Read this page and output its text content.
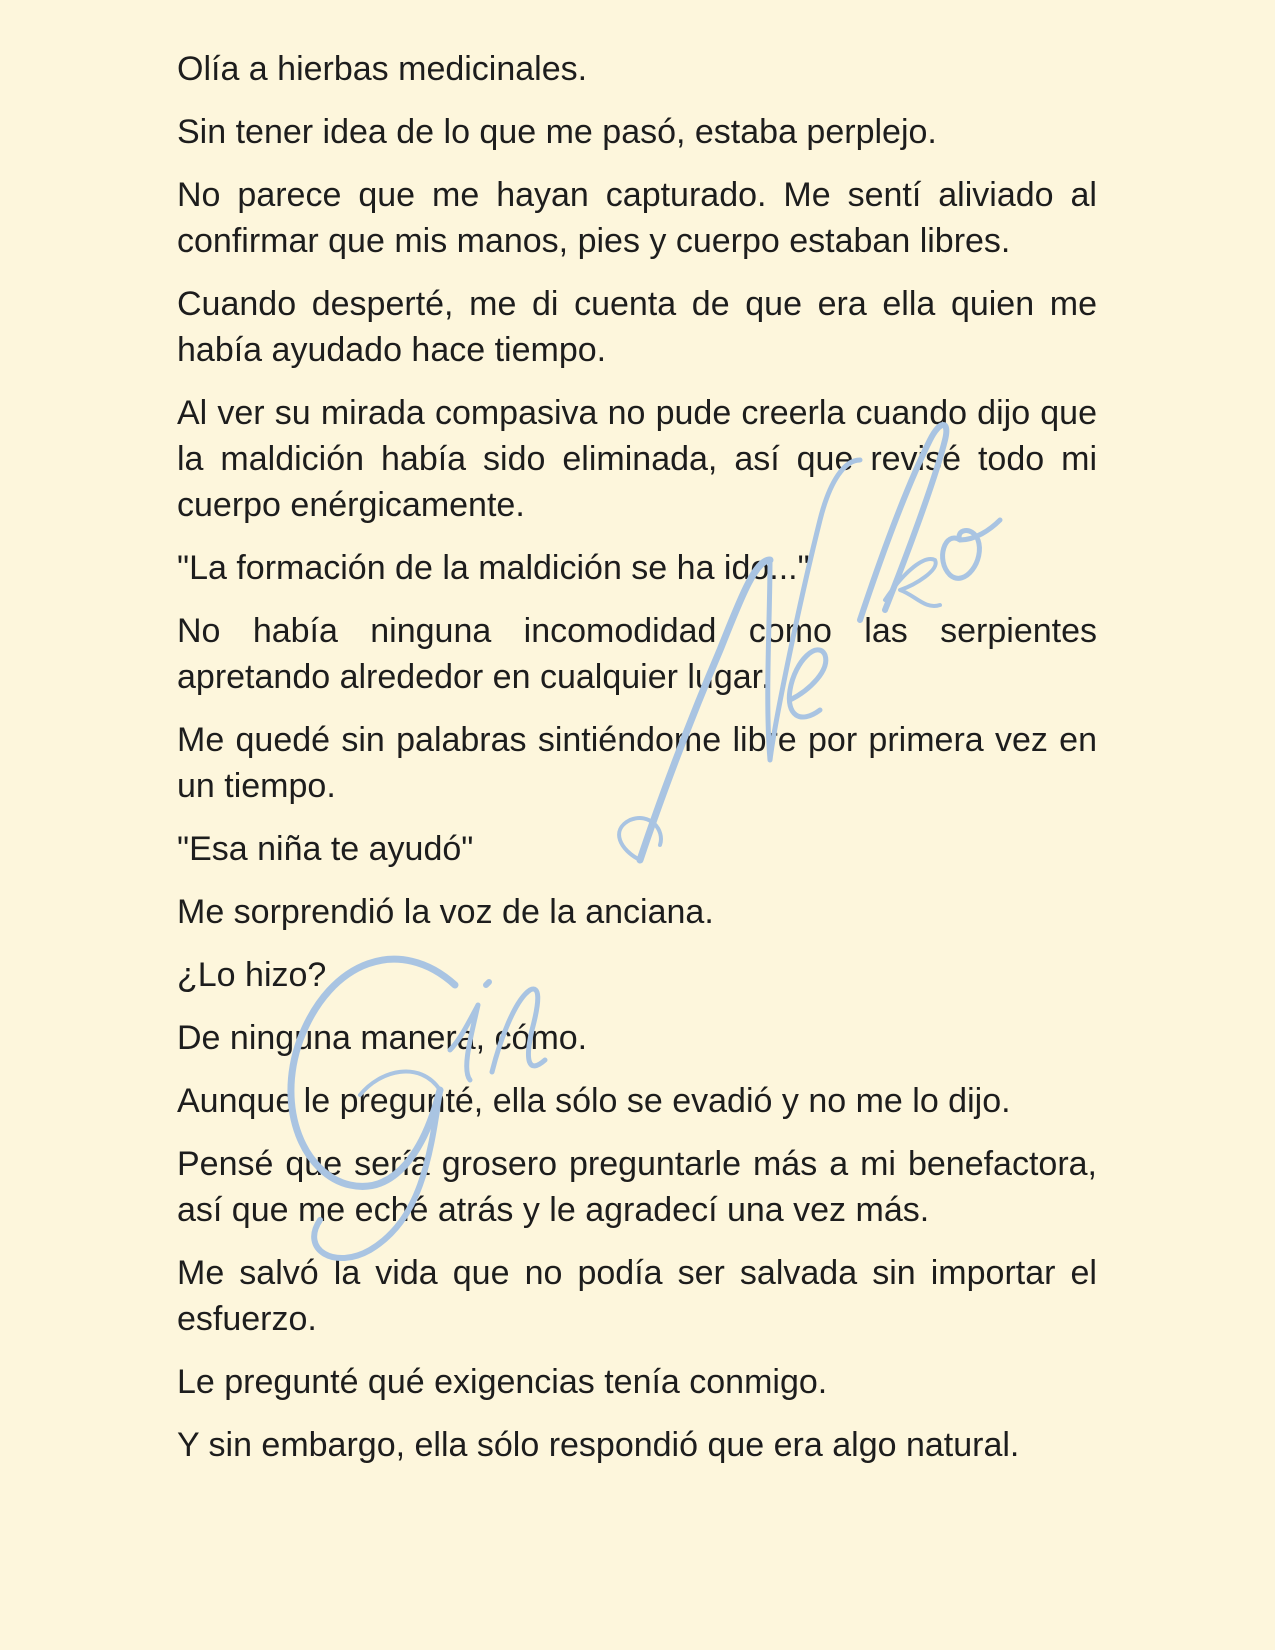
Olía a hierbas medicinales.

Sin tener idea de lo que me pasó, estaba perplejo.

No parece que me hayan capturado. Me sentí aliviado al confirmar que mis manos, pies y cuerpo estaban libres.

Cuando desperté, me di cuenta de que era ella quien me había ayudado hace tiempo.

Al ver su mirada compasiva no pude creerla cuando dijo que la maldición había sido eliminada, así que revisé todo mi cuerpo enérgicamente.

"La formación de la maldición se ha ido..."

No había ninguna incomodidad como las serpientes apretando alrededor en cualquier lugar.

Me quedé sin palabras sintiéndome libre por primera vez en un tiempo.

"Esa niña te ayudó"

Me sorprendió la voz de la anciana.

¿Lo hizo?

De ninguna manera, cómo.

Aunque le pregunté, ella sólo se evadió y no me lo dijo.

Pensé que sería grosero preguntarle más a mi benefactora, así que me eché atrás y le agradecí una vez más.

Me salvó la vida que no podía ser salvada sin importar el esfuerzo.

Le pregunté qué exigencias tenía conmigo.

Y sin embargo, ella sólo respondió que era algo natural.
